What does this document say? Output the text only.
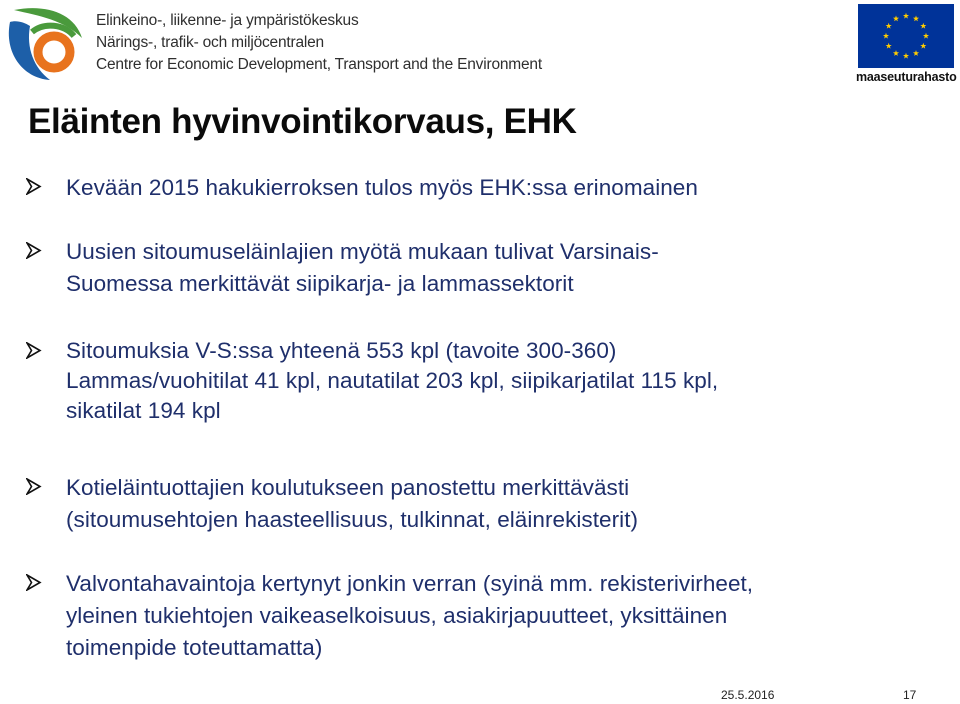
Elinkeino-, liikenne- ja ympäristökeskus
Närings-, trafik- och miljöcentralen
Centre for Economic Development, Transport and the Environment
maaseuturahasto
Eläinten hyvinvointikorvaus, EHK
Kevään 2015 hakukierroksen tulos myös EHK:ssa erinomainen
Uusien sitoumuseläinlajien myötä mukaan tulivat Varsinais-
Suomessa merkittävät siipikarja- ja lammassektorit
Sitoumuksia V-S:ssa yhteenä 553 kpl (tavoite 300-360)
Lammas/vuohitilat 41 kpl, nautatilat 203 kpl, siipikarjatilat 115 kpl,
sikatilat 194 kpl
Kotieläintuottajien koulutukseen panostettu merkittävästi
(sitoumusehtojen haasteellisuus, tulkinnat, eläinrekisterit)
Valvontahavaintoja kertynyt jonkin verran (syinä mm. rekisterivirheet,
yleinen tukiehtojen vaikeaselkoisuus, asiakirjapuutteet, yksittäinen
toimenpide toteuttamatta)
25.5.2016	17
